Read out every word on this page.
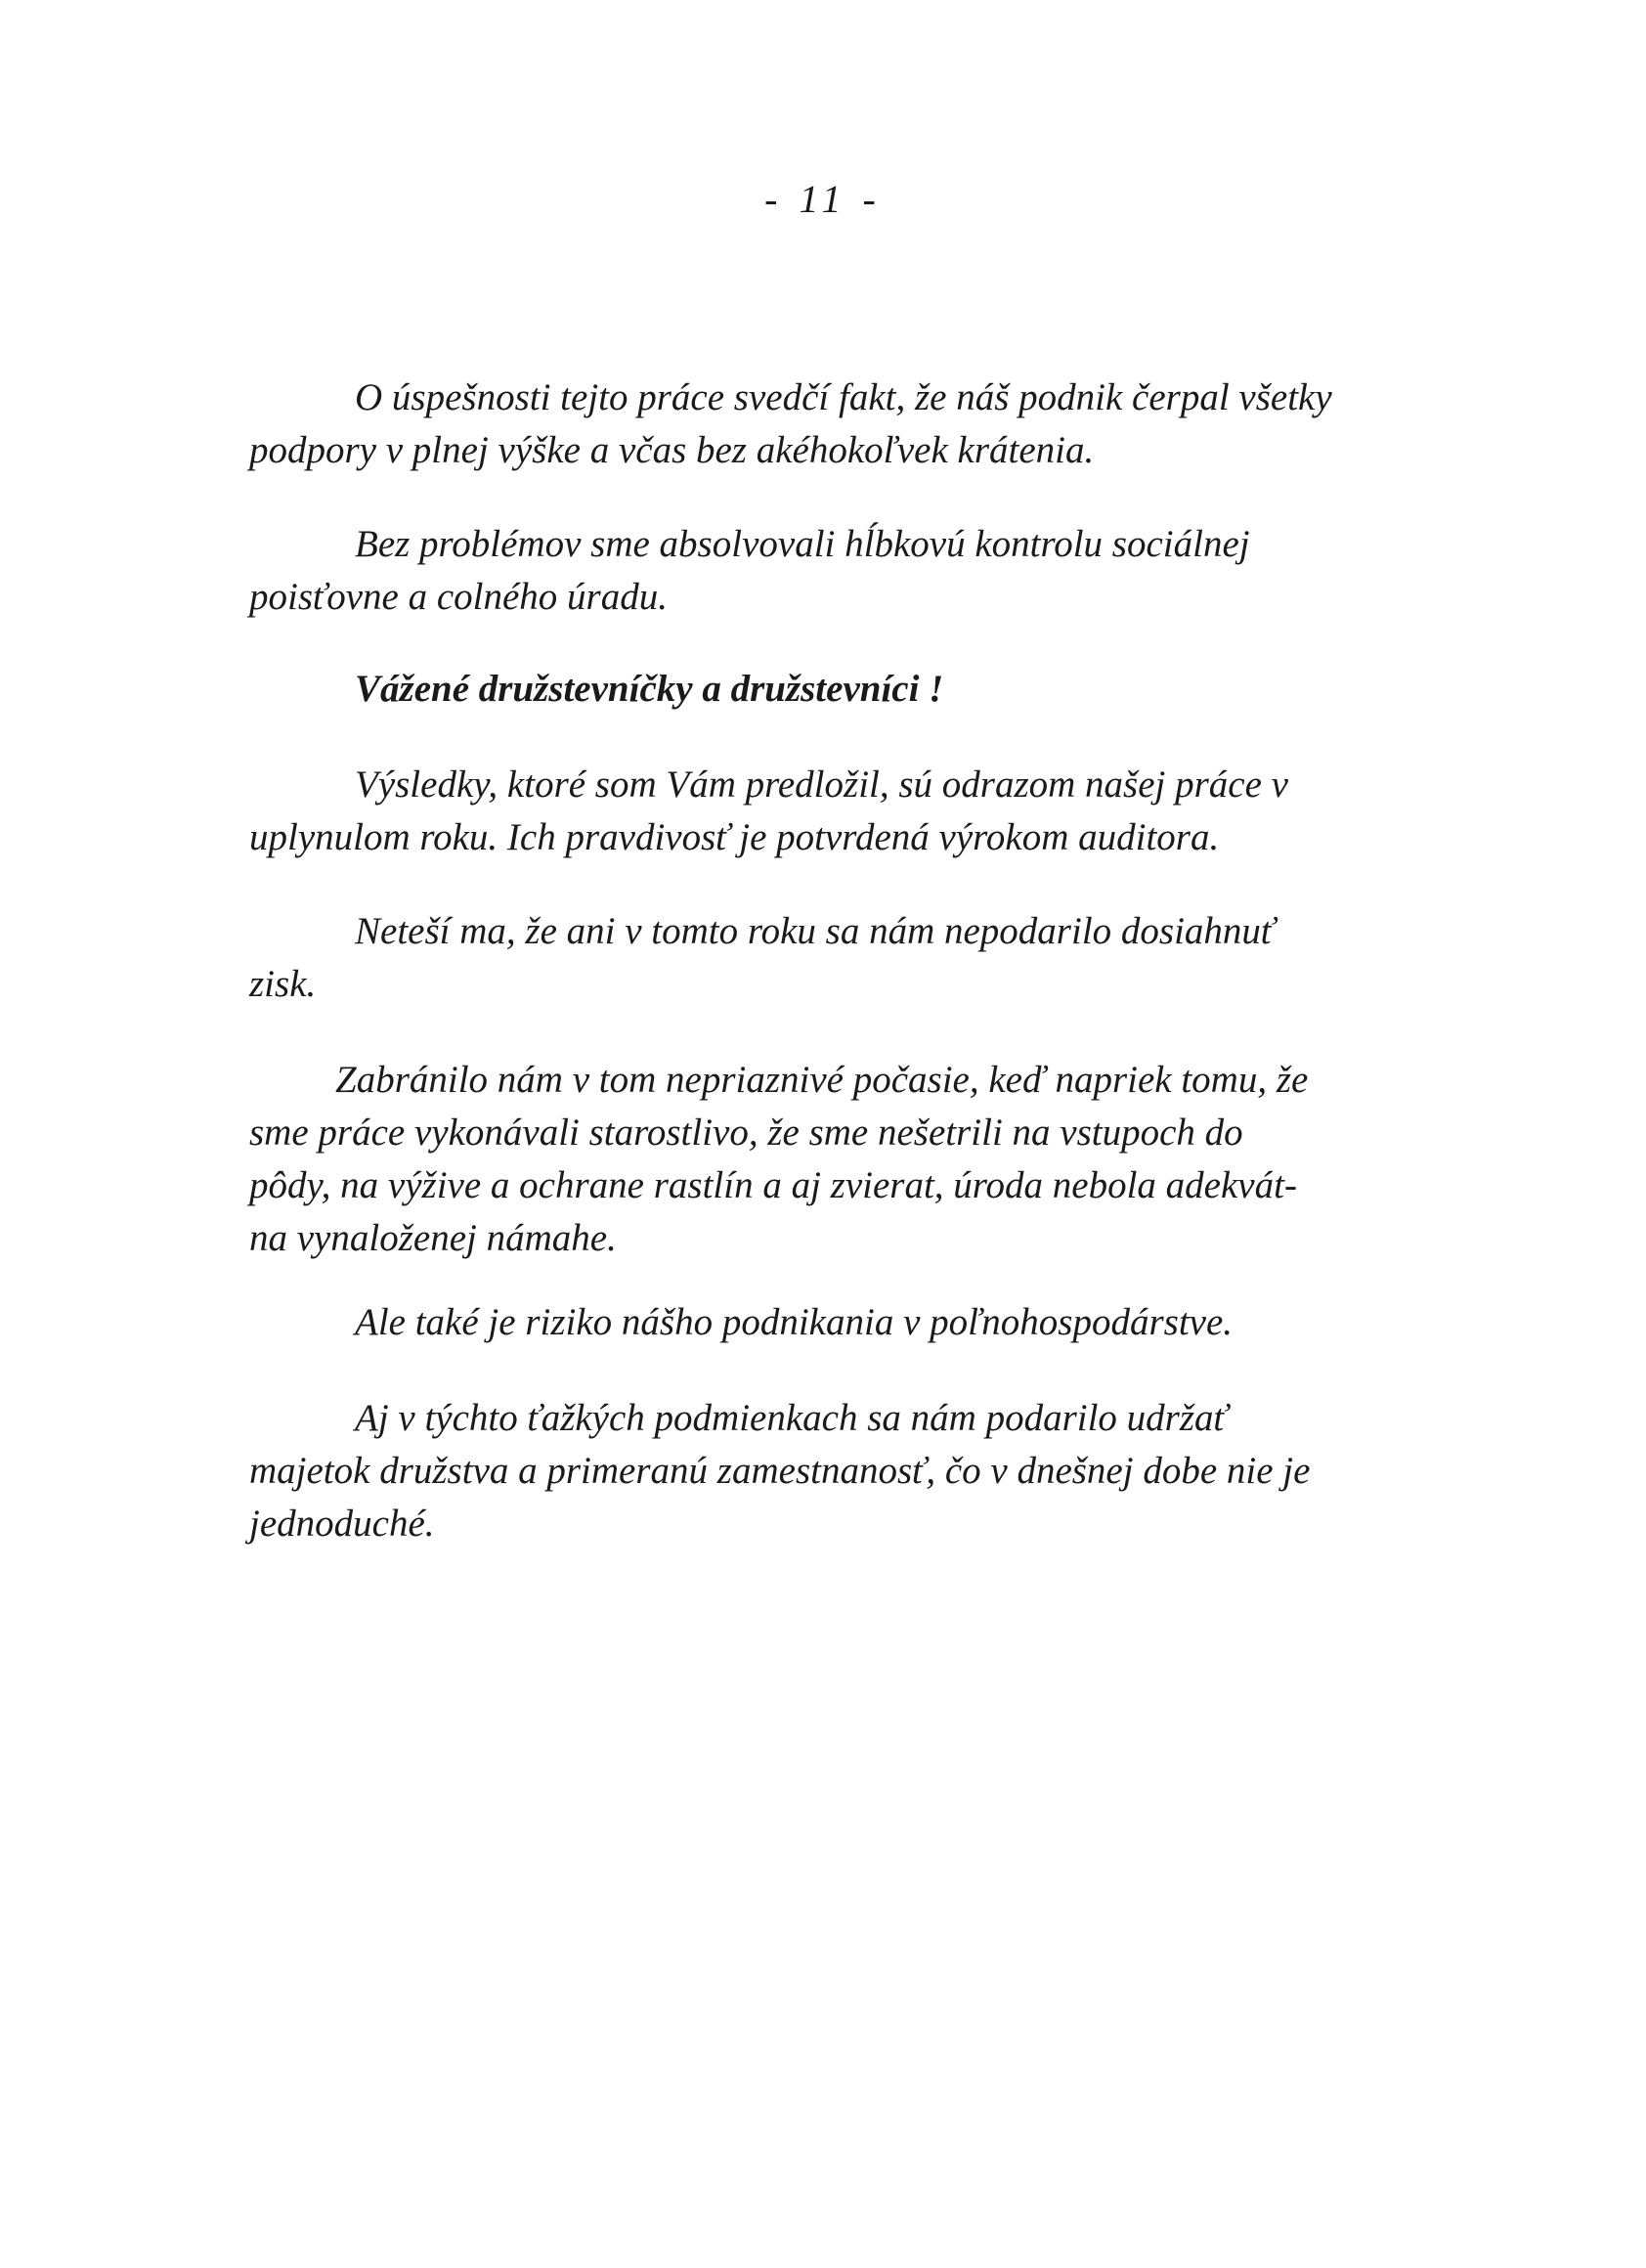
- 11 -

O úspešnosti tejto práce svedčí fakt, že náš podnik čerpal všetky
podpory v plnej výške a včas bez akéhokoľvek krátenia.

Bez problémov sme absolvovali hĺbkovú kontrolu sociálnej
poisťovne a colného úradu.

Vážené družstevníčky a družstevníci !

Výsledky, ktoré som Vám predložil, sú odrazom našej práce v
uplynulom roku. Ich pravdivosť je potvrdená výrokom auditora.

Neteší ma, že ani v tomto roku sa nám nepodarilo dosiahnuť
zisk.

Zabránilo nám v tom nepriaznivé počasie, keď napriek tomu, že
sme práce vykonávali starostlivo, že sme nešetrili na vstupoch do
pôdy, na výžive a ochrane rastlín a aj zvierat, úroda nebola adekvát-
na vynaloženej námahe.

Ale také je riziko nášho podnikania v poľnohospodárstve.

Aj v týchto ťažkých podmienkach sa nám podarilo udržať
majetok družstva a primeranú zamestnanosť, čo v dnešnej dobe nie je
jednoduché.
